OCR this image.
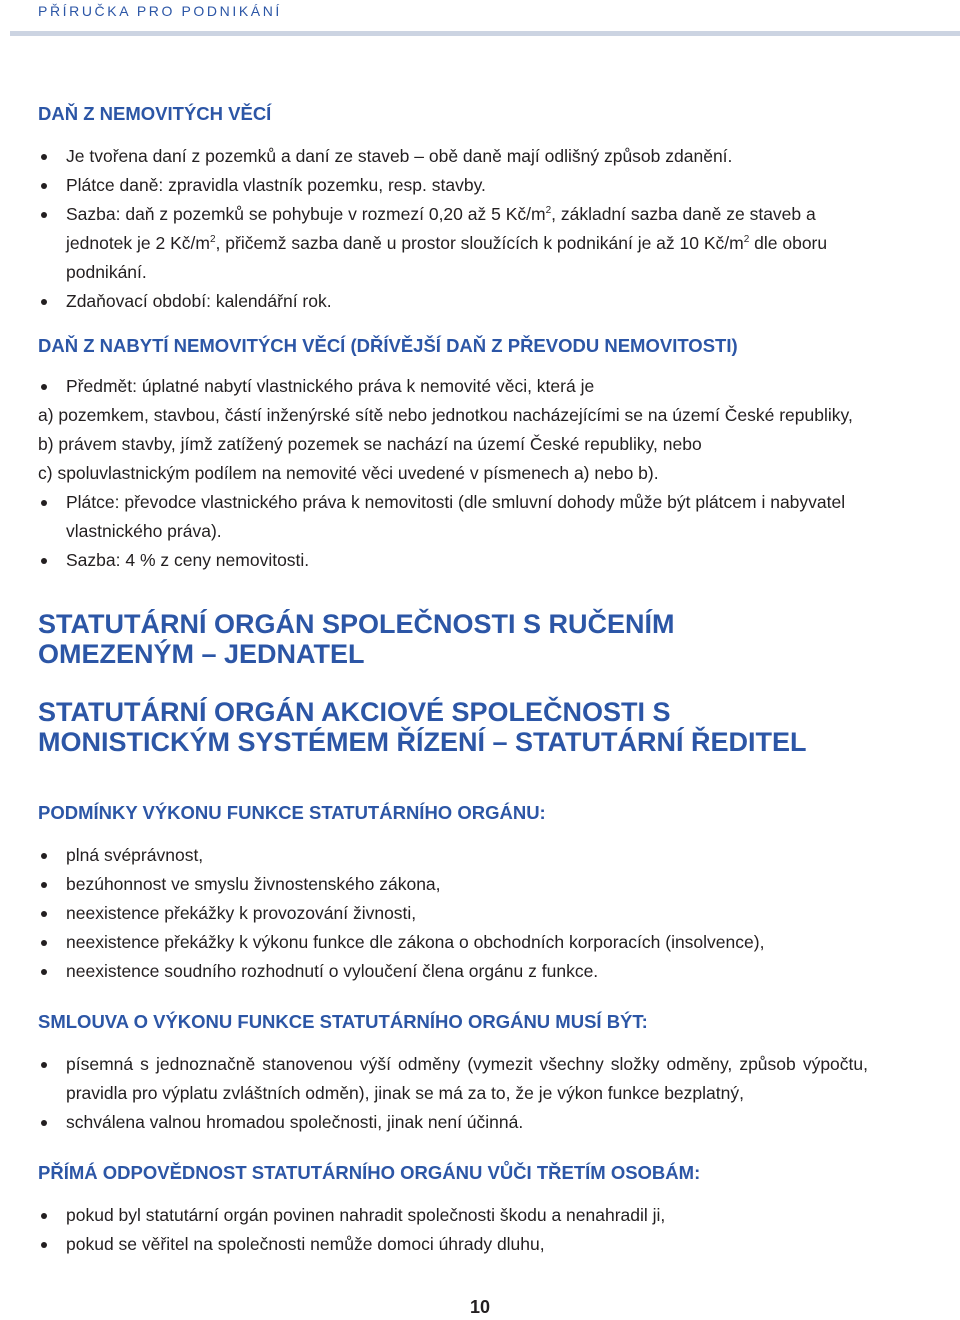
PŘÍRUČKA PRO PODNIKÁNÍ
DAŇ Z NEMOVITÝCH VĚCÍ
Je tvořena daní z pozemků a daní ze staveb – obě daně mají odlišný způsob zdanění.
Plátce daně: zpravidla vlastník pozemku, resp. stavby.
Sazba: daň z pozemků se pohybuje v rozmezí 0,20 až 5 $Kč/m^2$, základní sazba daně ze staveb a jednotek je 2 $Kč/m^2$, přičemž sazba daně u prostor sloužících k podnikání je až 10 $Kč/m^2$ dle oboru podnikání.
Zdaňovací období: kalendářní rok.
DAŇ Z NABYTÍ NEMOVITÝCH VĚCÍ (DŘÍVĚJŠÍ DAŇ Z PŘEVODU NEMOVITOSTI)
Předmět: úplatné nabytí vlastnického práva k nemovité věci, která je
a) pozemkem, stavbou, částí inženýrské sítě nebo jednotkou nacházejícími se na území České republiky,
b) právem stavby, jímž zatížený pozemek se nachází na území České republiky, nebo
c) spoluvlastnickým podílem na nemovité věci uvedené v písmenech a) nebo b).
Plátce: převodce vlastnického práva k nemovitosti (dle smluvní dohody může být plátcem i nabyvatel vlastnického práva).
Sazba: 4 % z ceny nemovitosti.
STATUTÁRNÍ ORGÁN SPOLEČNOSTI S RUČENÍM OMEZENÝM – JEDNATEL
STATUTÁRNÍ ORGÁN AKCIOVÉ SPOLEČNOSTI S MONISTICKÝM SYSTÉMEM ŘÍZENÍ – STATUTÁRNÍ ŘEDITEL
PODMÍNKY VÝKONU FUNKCE STATUTÁRNÍHO ORGÁNU:
plná svéprávnost,
bezúhonnost ve smyslu živnostenského zákona,
neexistence překážky k provozování živnosti,
neexistence překážky k výkonu funkce dle zákona o obchodních korporacích (insolvence),
neexistence soudního rozhodnutí o vyloučení člena orgánu z funkce.
SMLOUVA O VÝKONU FUNKCE STATUTÁRNÍHO ORGÁNU MUSÍ BÝT:
písemná s jednoznačně stanovenou výší odměny (vymezit všechny složky odměny, způsob výpočtu, pravidla pro výplatu zvláštních odměn), jinak se má za to, že je výkon funkce bezplatný,
schválena valnou hromadou společnosti, jinak není účinná.
PŘÍMÁ ODPOVĚDNOST STATUTÁRNÍHO ORGÁNU VŮČI TŘETÍM OSOBÁM:
pokud byl statutární orgán povinen nahradit společnosti škodu a nenahradil ji,
pokud se věřitel na společnosti nemůže domoci úhrady dluhu,
10
